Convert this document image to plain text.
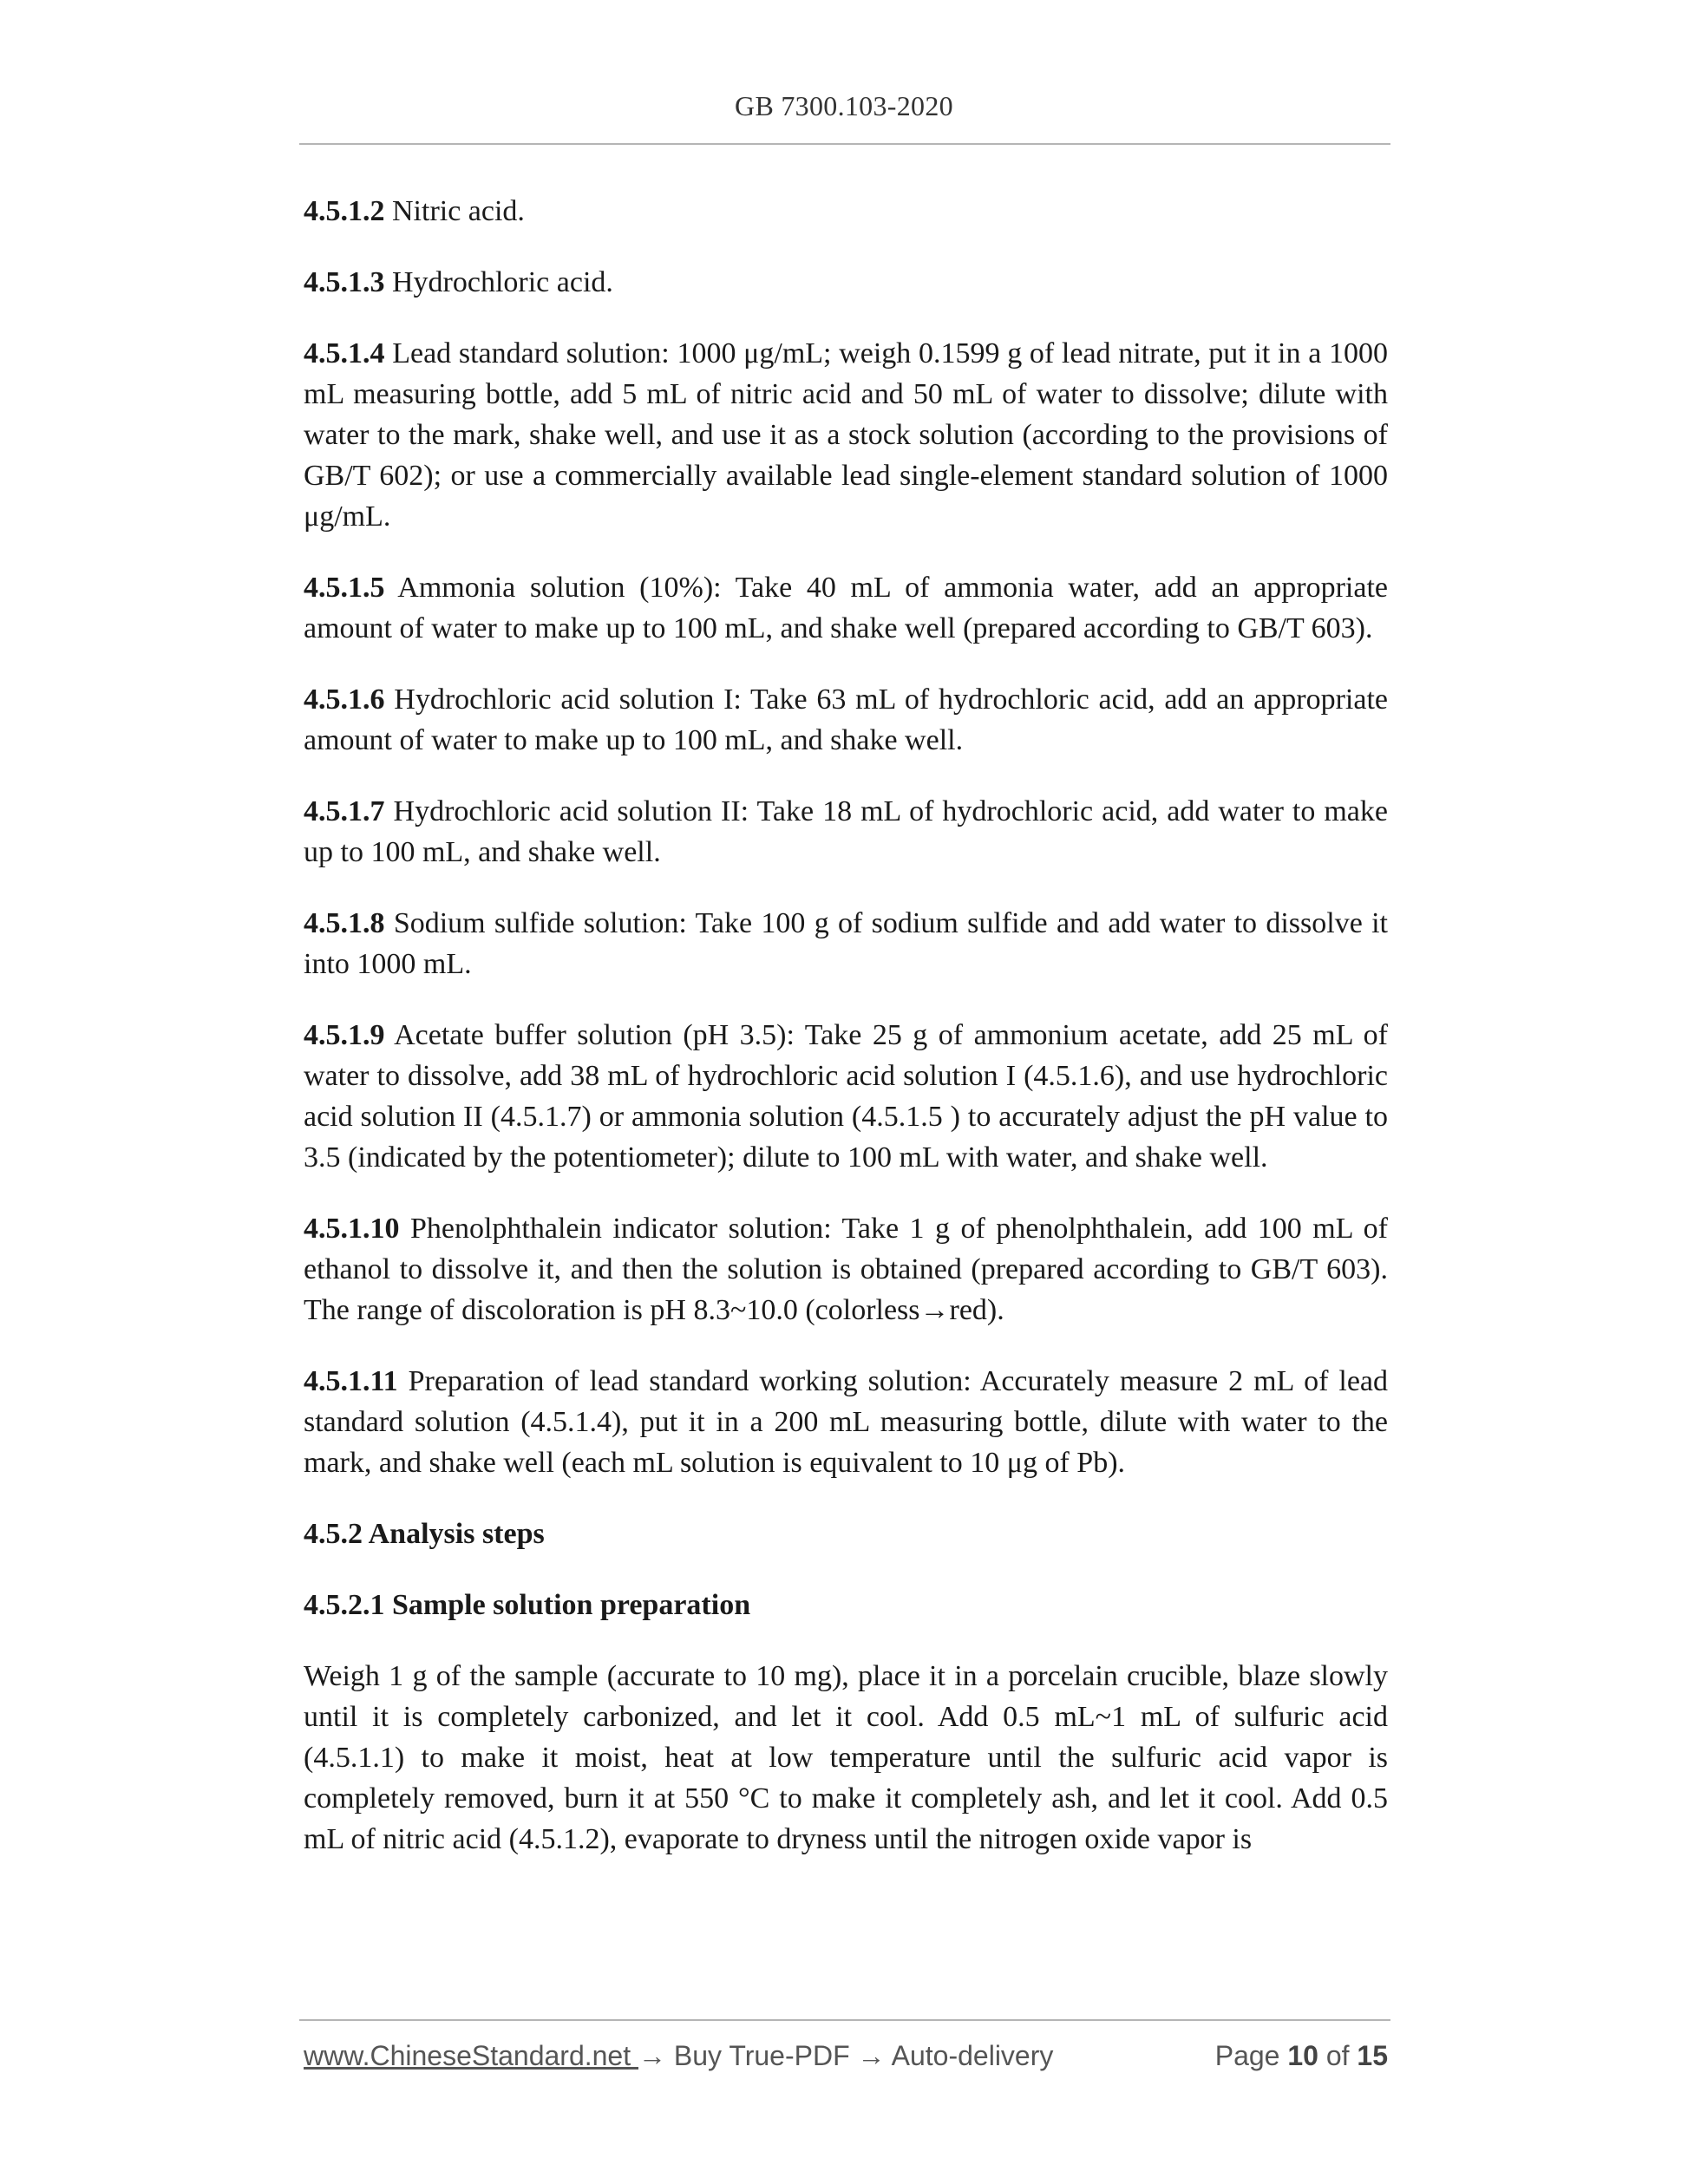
GB 7300.103-2020

4.5.1.2 Nitric acid.

4.5.1.3 Hydrochloric acid.

4.5.1.4 Lead standard solution: 1000 μg/mL; weigh 0.1599 g of lead nitrate, put it in a 1000 mL measuring bottle, add 5 mL of nitric acid and 50 mL of water to dissolve; dilute with water to the mark, shake well, and use it as a stock solution (according to the provisions of GB/T 602); or use a commercially available lead single-element standard solution of 1000 μg/mL.

4.5.1.5 Ammonia solution (10%): Take 40 mL of ammonia water, add an appropriate amount of water to make up to 100 mL, and shake well (prepared according to GB/T 603).

4.5.1.6 Hydrochloric acid solution I: Take 63 mL of hydrochloric acid, add an appropriate amount of water to make up to 100 mL, and shake well.

4.5.1.7 Hydrochloric acid solution II: Take 18 mL of hydrochloric acid, add water to make up to 100 mL, and shake well.

4.5.1.8 Sodium sulfide solution: Take 100 g of sodium sulfide and add water to dissolve it into 1000 mL.

4.5.1.9 Acetate buffer solution (pH 3.5): Take 25 g of ammonium acetate, add 25 mL of water to dissolve, add 38 mL of hydrochloric acid solution I (4.5.1.6), and use hydrochloric acid solution II (4.5.1.7) or ammonia solution (4.5.1.5 ) to accurately adjust the pH value to 3.5 (indicated by the potentiometer); dilute to 100 mL with water, and shake well.

4.5.1.10 Phenolphthalein indicator solution: Take 1 g of phenolphthalein, add 100 mL of ethanol to dissolve it, and then the solution is obtained (prepared according to GB/T 603). The range of discoloration is pH 8.3~10.0 (colorless→red).

4.5.1.11 Preparation of lead standard working solution: Accurately measure 2 mL of lead standard solution (4.5.1.4), put it in a 200 mL measuring bottle, dilute with water to the mark, and shake well (each mL solution is equivalent to 10 μg of Pb).

4.5.2 Analysis steps

4.5.2.1 Sample solution preparation

Weigh 1 g of the sample (accurate to 10 mg), place it in a porcelain crucible, blaze slowly until it is completely carbonized, and let it cool. Add 0.5 mL~1 mL of sulfuric acid (4.5.1.1) to make it moist, heat at low temperature until the sulfuric acid vapor is completely removed, burn it at 550 °C to make it completely ash, and let it cool. Add 0.5 mL of nitric acid (4.5.1.2), evaporate to dryness until the nitrogen oxide vapor is

www.ChineseStandard.net → Buy True-PDF → Auto-delivery	Page 10 of 15
